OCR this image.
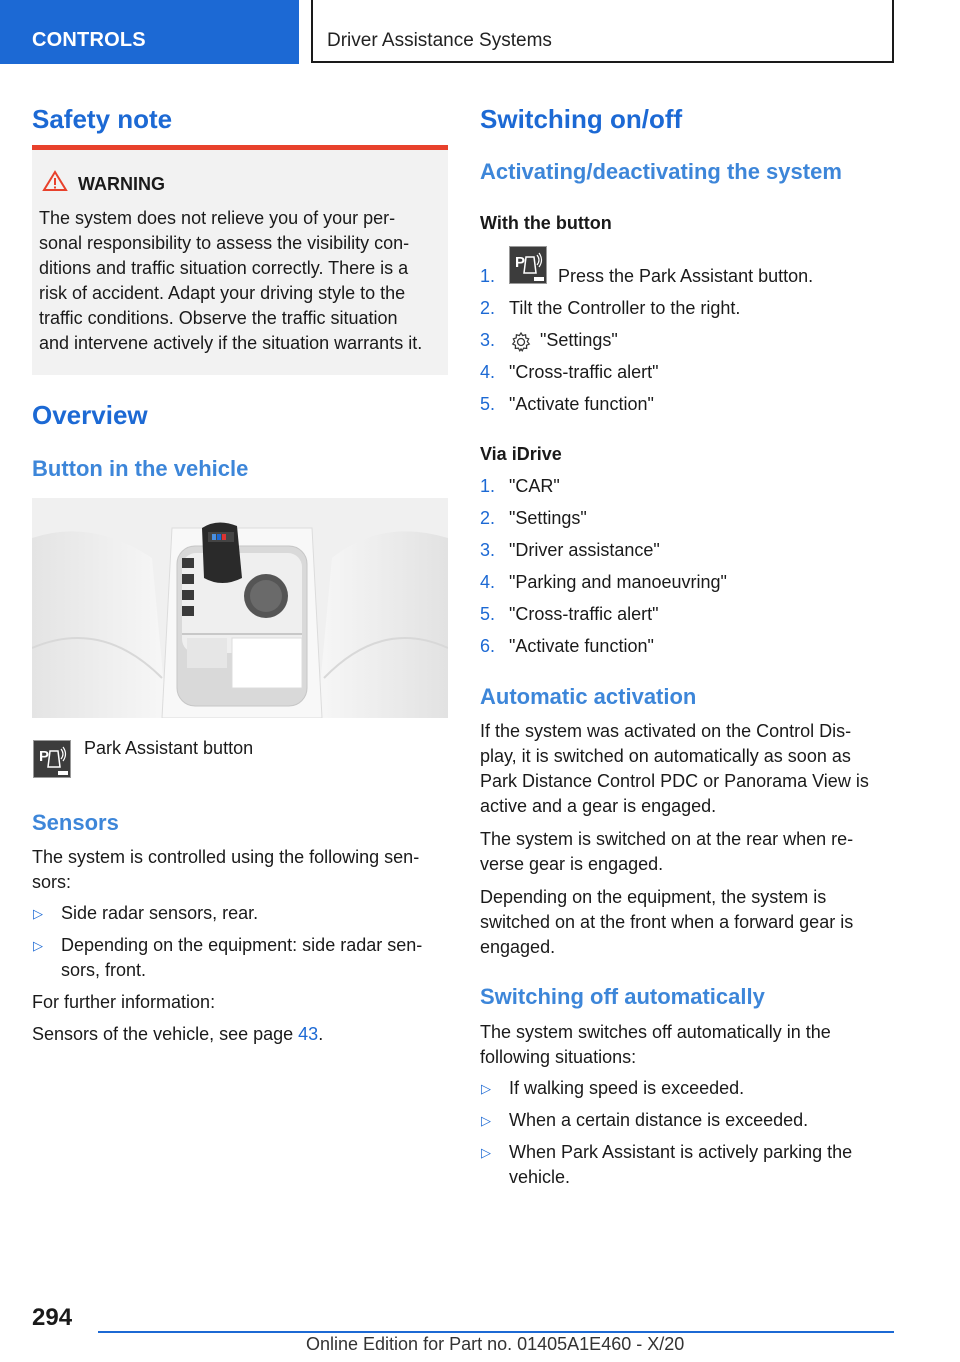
CONTROLS	Driver Assistance Systems
Safety note
WARNING
The system does not relieve you of your per-
sonal responsibility to assess the visibility con-
ditions and traffic situation correctly. There is a
risk of accident. Adapt your driving style to the
traffic conditions. Observe the traffic situation
and intervene actively if the situation warrants it.
Overview
Button in the vehicle
P Park Assistant button
Sensors
The system is controlled using the following sen-
sors:
▷ Side radar sensors, rear.
▷ Depending on the equipment: side radar sen-
sors, front.
For further information:
Sensors of the vehicle, see page 43.
Switching on/off
Activating/deactivating the system
With the button
1.
P
Press the Park Assistant button.
2. Tilt the Controller to the right.
3. "Settings"
4. "Cross-traffic alert"
5. "Activate function"
Via iDrive
1. "CAR"
2. "Settings"
3. "Driver assistance"
4. "Parking and manoeuvring"
5. "Cross-traffic alert"
6. "Activate function"
Automatic activation
If the system was activated on the Control Dis-
play, it is switched on automatically as soon as
Park Distance Control PDC or Panorama View is
active and a gear is engaged.
The system is switched on at the rear when re-
verse gear is engaged.
Depending on the equipment, the system is
switched on at the front when a forward gear is
engaged.
Switching off automatically
The system switches off automatically in the
following situations:
▷ If walking speed is exceeded.
▷ When a certain distance is exceeded.
▷ When Park Assistant is actively parking the
vehicle.
294
Online Edition for Part no. 01405A1E460 - X/20
